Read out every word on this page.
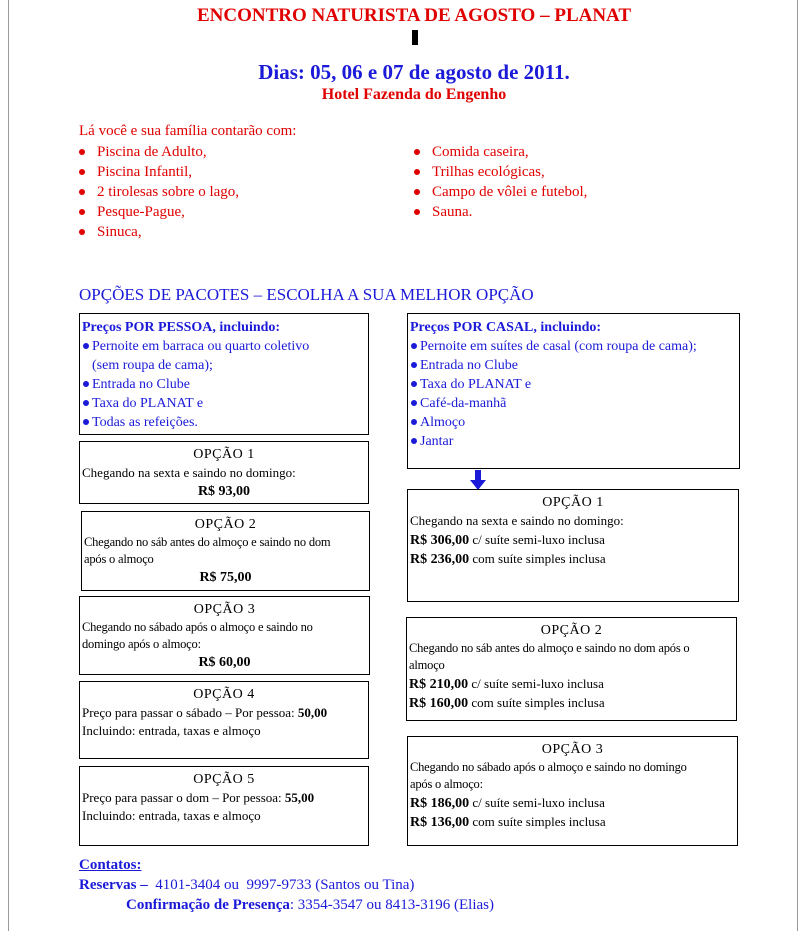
ENCONTRO NATURISTA DE AGOSTO – PLANAT
Dias: 05, 06 e 07 de agosto de 2011.
Hotel Fazenda do Engenho
Lá você e sua família contarão com:
Piscina de Adulto,
Piscina Infantil,
2 tirolesas sobre o lago,
Pesque-Pague,
Sinuca,
Comida caseira,
Trilhas ecológicas,
Campo de vôlei e futebol,
Sauna.
OPÇÕES DE PACOTES – ESCOLHA A SUA MELHOR OPÇÃO
Preços POR PESSOA, incluindo:
Pernoite em barraca ou quarto coletivo
(sem roupa de cama);
Entrada no Clube
Taxa do PLANAT e
Todas as refeições.
OPÇÃO 1
Chegando na sexta e saindo no domingo:
R$ 93,00
OPÇÃO 2
Chegando no sáb antes do almoço e saindo no dom
após o almoço
R$ 75,00
OPÇÃO 3
Chegando no sábado após o almoço e saindo no
domingo após o almoço:
R$ 60,00
OPÇÃO 4
Preço para passar o sábado – Por pessoa: 50,00
Incluindo: entrada, taxas e almoço
OPÇÃO 5
Preço para passar o dom – Por pessoa: 55,00
Incluindo: entrada, taxas e almoço
Preços POR CASAL, incluindo:
Pernoite em suítes de casal (com roupa de cama);
Entrada no Clube
Taxa do PLANAT e
Café-da-manhã
Almoço
Jantar
OPÇÃO 1
Chegando na sexta e saindo no domingo:
R$ 306,00 c/ suíte semi-luxo inclusa
R$ 236,00 com suíte simples inclusa
OPÇÃO 2
Chegando no sáb antes do almoço e saindo no dom após o
almoço
R$ 210,00 c/ suíte semi-luxo inclusa
R$ 160,00 com suíte simples inclusa
OPÇÃO 3
Chegando no sábado após o almoço e saindo no domingo
após o almoço:
R$ 186,00 c/ suíte semi-luxo inclusa
R$ 136,00 com suíte simples inclusa
Contatos:
Reservas –  4101-3404 ou  9997-9733 (Santos ou Tina)
Confirmação de Presença: 3354-3547 ou 8413-3196 (Elias)
